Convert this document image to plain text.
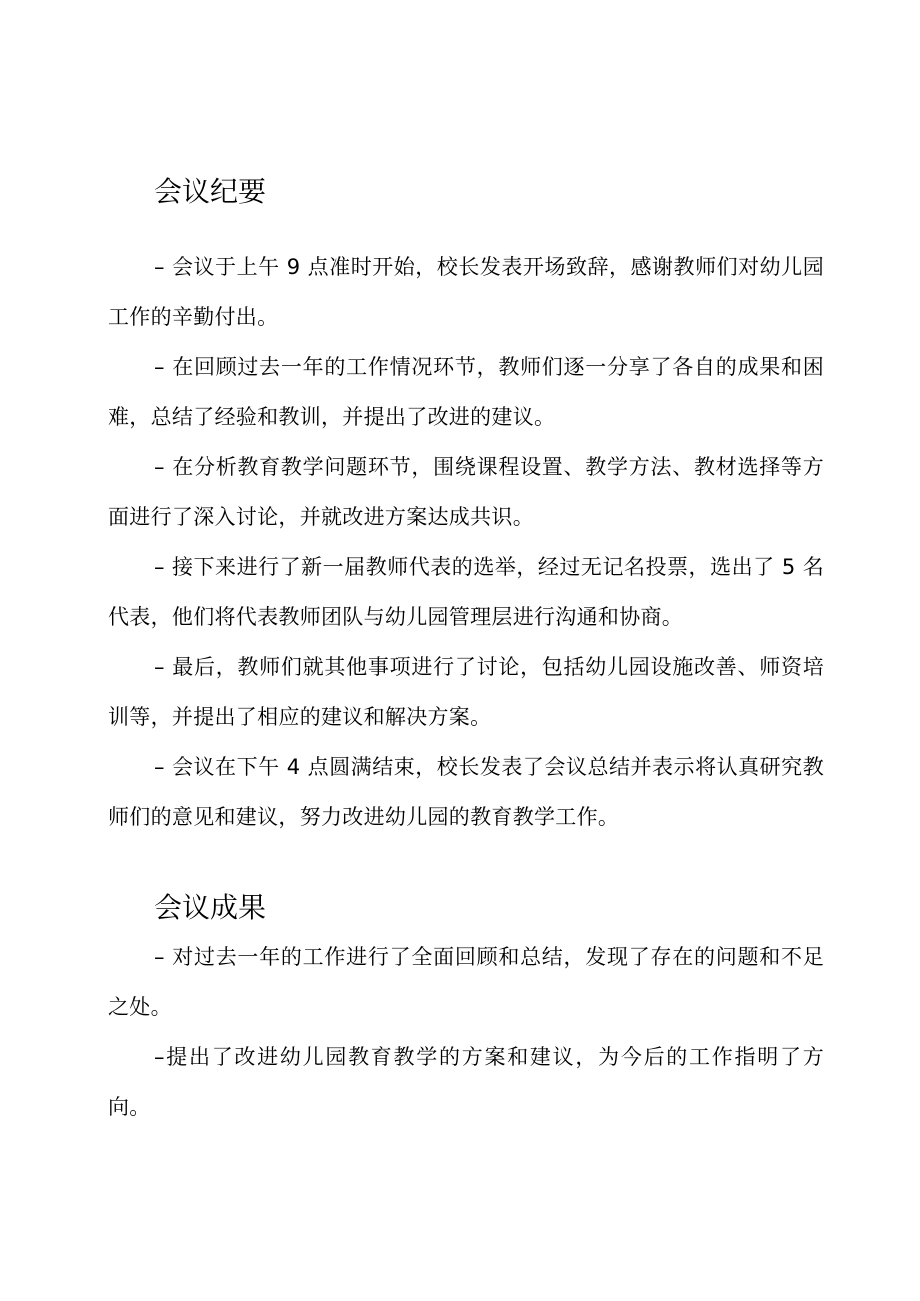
会议纪要

– 会议于上午 9 点准时开始，校长发表开场致辞，感谢教师们对幼儿园工作的辛勤付出。

– 在回顾过去一年的工作情况环节，教师们逐一分享了各自的成果和困难，总结了经验和教训，并提出了改进的建议。

– 在分析教育教学问题环节，围绕课程设置、教学方法、教材选择等方面进行了深入讨论，并就改进方案达成共识。

– 接下来进行了新一届教师代表的选举，经过无记名投票，选出了 5 名代表，他们将代表教师团队与幼儿园管理层进行沟通和协商。

– 最后，教师们就其他事项进行了讨论，包括幼儿园设施改善、师资培训等，并提出了相应的建议和解决方案。

– 会议在下午 4 点圆满结束，校长发表了会议总结并表示将认真研究教师们的意见和建议，努力改进幼儿园的教育教学工作。

会议成果

– 对过去一年的工作进行了全面回顾和总结，发现了存在的问题和不足之处。

–提出了改进幼儿园教育教学的方案和建议，为今后的工作指明了方向。
